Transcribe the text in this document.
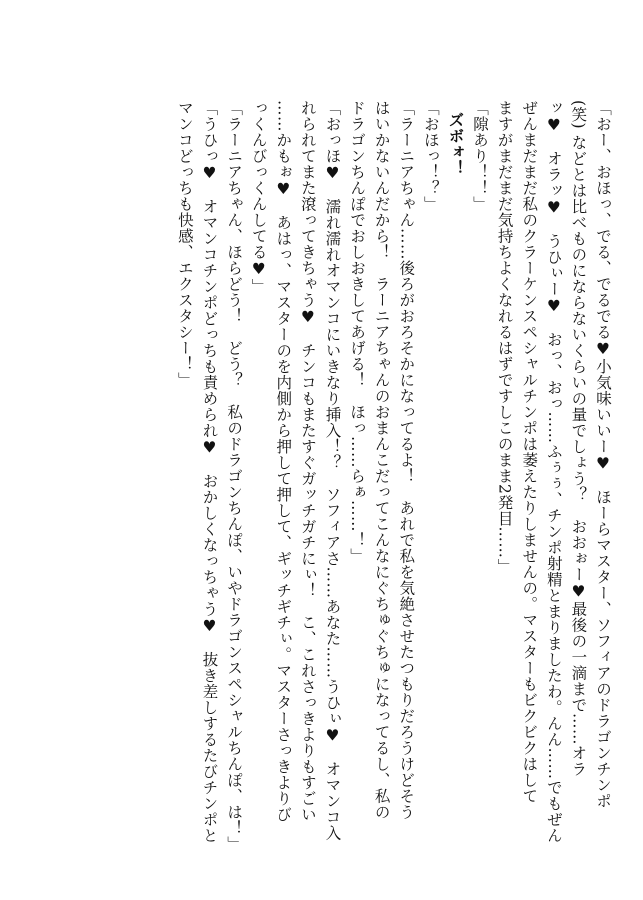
「おー、おほっ、でる、でるでる♥小気味いいー♥　ほーらマスター、ソフィアのドラゴンチンポ
(笑) などとは比べものにならないくらいの量でしょう？　おおぉー♥最後の一滴まで……オラ
ッ♥　オラッ♥　うひぃー♥　おっ、おっ……ふぅぅ、チンポ射精とまりましたわ。んん……でもぜん
ぜんまだまだ私のクラーケンスペシャルチンポは萎えたりしませんの。マスターもビクビクはして
ますがまだまだ気持ちよくなれるはずですしこのまま2発目……」
「隙あり！！」
ズボォ！
「おほっ！？」
「ラーニアちゃん……後ろがおろそかになってるよ！　あれで私を気絶させたつもりだろうけどそう
はいかないんだから！　ラーニアちゃんのおまんこだってこんなにぐちゅぐちゅになってるし、私の
ドラゴンちんぽでおしおきしてあげる！　ほっ……らぁ……！」
「おっほ♥　濡れ濡れオマンコにいきなり挿入！？　ソフィアさ……あなた……うひぃ♥　オマンコ入
れられてまた滾ってきちゃう♥　チンコもまたすぐガッチガチにぃ！　こ、これさっきよりもすごい
……かもぉ♥　あはっ、マスターのを内側から押して押して、ギッチギチぃ。マスターさっきよりび
っくんびっくんしてる♥」
「ラーニアちゃん、ほらどう！　どう？　私のドラゴンちんぽ、いやドラゴンスペシャルちんぽ、は！」
「うひっ♥　オマンコチンポどっちも責められ♥　おかしくなっちゃう♥　抜き差しするたびチンポと
マンコどっちも快感、エクスタシー！」
